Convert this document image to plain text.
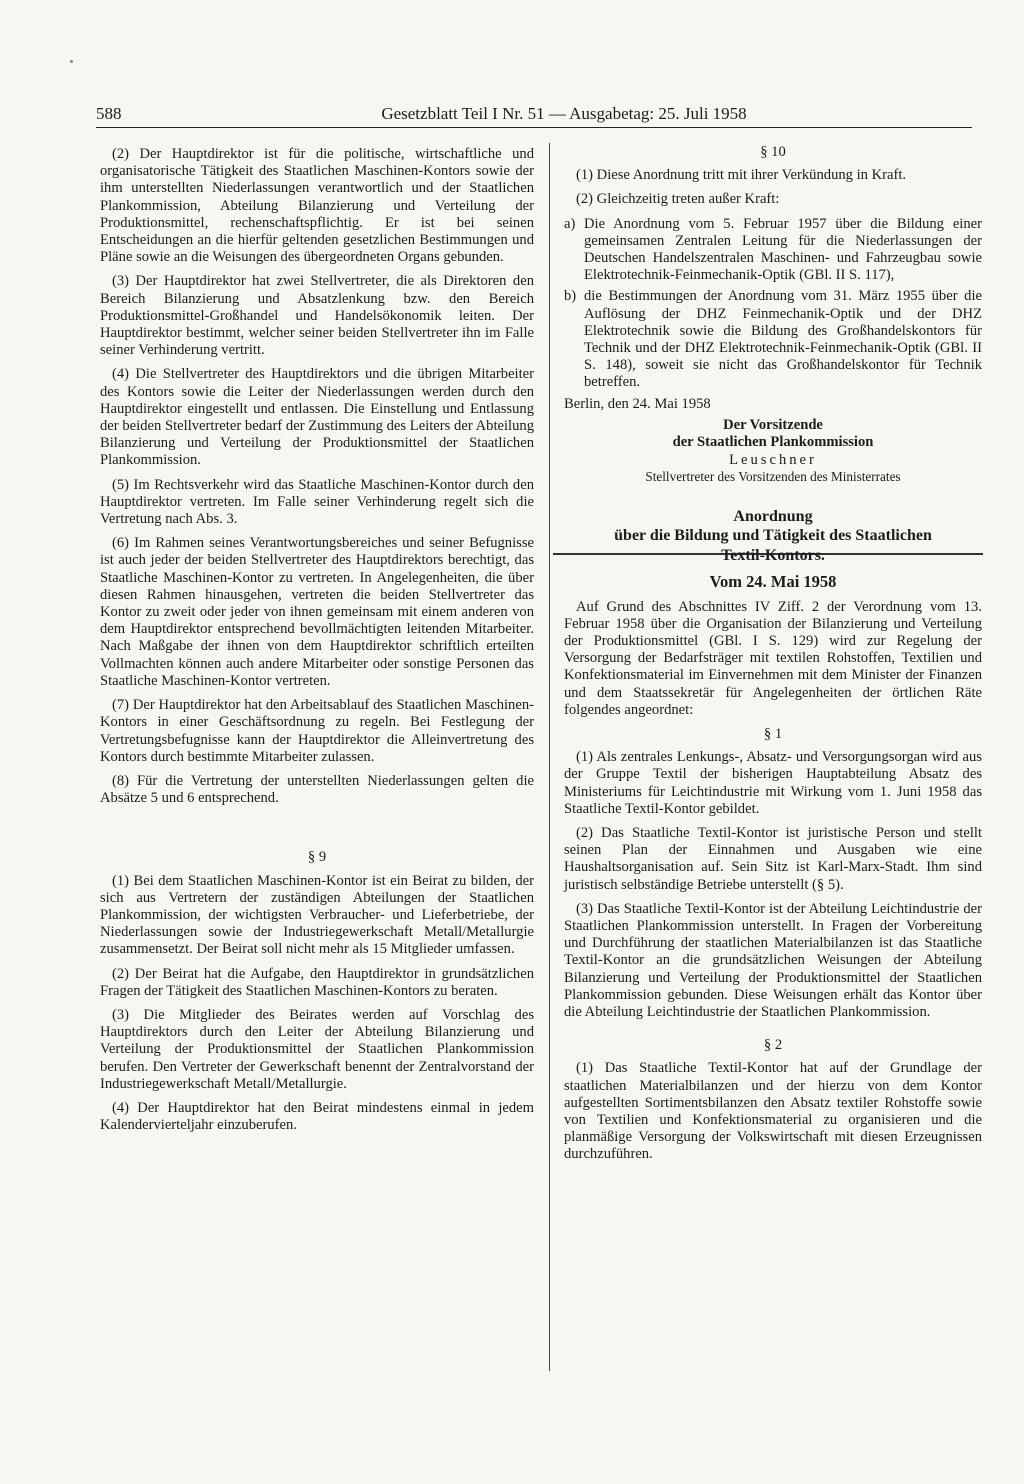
588	Gesetzblatt Teil I Nr. 51 — Ausgabetag: 25. Juli 1958

(2) Der Hauptdirektor ist für die politische, wirtschaftliche und organisatorische Tätigkeit des Staatlichen Maschinen-Kontors sowie der ihm unterstellten Niederlassungen verantwortlich und der Staatlichen Plankommission, Abteilung Bilanzierung und Verteilung der Produktionsmittel, rechenschaftspflichtig. Er ist bei seinen Entscheidungen an die hierfür geltenden gesetzlichen Bestimmungen und Pläne sowie an die Weisungen des übergeordneten Organs gebunden.

(3) Der Hauptdirektor hat zwei Stellvertreter, die als Direktoren den Bereich Bilanzierung und Absatzlenkung bzw. den Bereich Produktionsmittel-Großhandel und Handelsökonomik leiten. Der Hauptdirektor bestimmt, welcher seiner beiden Stellvertreter ihn im Falle seiner Verhinderung vertritt.

(4) Die Stellvertreter des Hauptdirektors und die übrigen Mitarbeiter des Kontors sowie die Leiter der Niederlassungen werden durch den Hauptdirektor eingestellt und entlassen. Die Einstellung und Entlassung der beiden Stellvertreter bedarf der Zustimmung des Leiters der Abteilung Bilanzierung und Verteilung der Produktionsmittel der Staatlichen Plankommission.

(5) Im Rechtsverkehr wird das Staatliche Maschinen-Kontor durch den Hauptdirektor vertreten. Im Falle seiner Verhinderung regelt sich die Vertretung nach Abs. 3.

(6) Im Rahmen seines Verantwortungsbereiches und seiner Befugnisse ist auch jeder der beiden Stellvertreter des Hauptdirektors berechtigt, das Staatliche Maschinen-Kontor zu vertreten. In Angelegenheiten, die über diesen Rahmen hinausgehen, vertreten die beiden Stellvertreter das Kontor zu zweit oder jeder von ihnen gemeinsam mit einem anderen von dem Hauptdirektor entsprechend bevollmächtigten leitenden Mitarbeiter. Nach Maßgabe der ihnen von dem Hauptdirektor schriftlich erteilten Vollmachten können auch andere Mitarbeiter oder sonstige Personen das Staatliche Maschinen-Kontor vertreten.

(7) Der Hauptdirektor hat den Arbeitsablauf des Staatlichen Maschinen-Kontors in einer Geschäftsordnung zu regeln. Bei Festlegung der Vertretungsbefugnisse kann der Hauptdirektor die Alleinvertretung des Kontors durch bestimmte Mitarbeiter zulassen.

(8) Für die Vertretung der unterstellten Niederlassungen gelten die Absätze 5 und 6 entsprechend.

§ 9

(1) Bei dem Staatlichen Maschinen-Kontor ist ein Beirat zu bilden, der sich aus Vertretern der zuständigen Abteilungen der Staatlichen Plankommission, der wichtigsten Verbraucher- und Lieferbetriebe, der Niederlassungen sowie der Industriegewerkschaft Metall/Metallurgie zusammensetzt. Der Beirat soll nicht mehr als 15 Mitglieder umfassen.

(2) Der Beirat hat die Aufgabe, den Hauptdirektor in grundsätzlichen Fragen der Tätigkeit des Staatlichen Maschinen-Kontors zu beraten.

(3) Die Mitglieder des Beirates werden auf Vorschlag des Hauptdirektors durch den Leiter der Abteilung Bilanzierung und Verteilung der Produktionsmittel der Staatlichen Plankommission berufen. Den Vertreter der Gewerkschaft benennt der Zentralvorstand der Industriegewerkschaft Metall/Metallurgie.

(4) Der Hauptdirektor hat den Beirat mindestens einmal in jedem Kalendervierteljahr einzuberufen.

§ 10

(1) Diese Anordnung tritt mit ihrer Verkündung in Kraft.

(2) Gleichzeitig treten außer Kraft:

a) Die Anordnung vom 5. Februar 1957 über die Bildung einer gemeinsamen Zentralen Leitung für die Niederlassungen der Deutschen Handelszentralen Maschinen- und Fahrzeugbau sowie Elektrotechnik-Feinmechanik-Optik (GBl. II S. 117),
b) die Bestimmungen der Anordnung vom 31. März 1955 über die Auflösung der DHZ Feinmechanik-Optik und der DHZ Elektrotechnik sowie die Bildung des Großhandelskontors für Technik und der DHZ Elektrotechnik-Feinmechanik-Optik (GBl. II S. 148), soweit sie nicht das Großhandelskontor für Technik betreffen.
Berlin, den 24. Mai 1958
Der Vorsitzende
der Staatlichen Plankommission
Leuschner
Stellvertreter des Vorsitzenden des Ministerrates
Anordnung
über die Bildung und Tätigkeit des Staatlichen
Textil-Kontors.
Vom 24. Mai 1958

Auf Grund des Abschnittes IV Ziff. 2 der Verordnung vom 13. Februar 1958 über die Organisation der Bilanzierung und Verteilung der Produktionsmittel (GBl. I S. 129) wird zur Regelung der Versorgung der Bedarfsträger mit textilen Rohstoffen, Textilien und Konfektionsmaterial im Einvernehmen mit dem Minister der Finanzen und dem Staatssekretär für Angelegenheiten der örtlichen Räte folgendes angeordnet:

§ 1

(1) Als zentrales Lenkungs-, Absatz- und Versorgungsorgan wird aus der Gruppe Textil der bisherigen Hauptabteilung Absatz des Ministeriums für Leichtindustrie mit Wirkung vom 1. Juni 1958 das Staatliche Textil-Kontor gebildet.

(2) Das Staatliche Textil-Kontor ist juristische Person und stellt seinen Plan der Einnahmen und Ausgaben wie eine Haushaltsorganisation auf. Sein Sitz ist Karl-Marx-Stadt. Ihm sind juristisch selbständige Betriebe unterstellt (§ 5).

(3) Das Staatliche Textil-Kontor ist der Abteilung Leichtindustrie der Staatlichen Plankommission unterstellt. In Fragen der Vorbereitung und Durchführung der staatlichen Materialbilanzen ist das Staatliche Textil-Kontor an die grundsätzlichen Weisungen der Abteilung Bilanzierung und Verteilung der Produktionsmittel der Staatlichen Plankommission gebunden. Diese Weisungen erhält das Kontor über die Abteilung Leichtindustrie der Staatlichen Plankommission.

§ 2

(1) Das Staatliche Textil-Kontor hat auf der Grundlage der staatlichen Materialbilanzen und der hierzu von dem Kontor aufgestellten Sortimentsbilanzen den Absatz textiler Rohstoffe sowie von Textilien und Konfektionsmaterial zu organisieren und die planmäßige Versorgung der Volkswirtschaft mit diesen Erzeugnissen durchzuführen.
